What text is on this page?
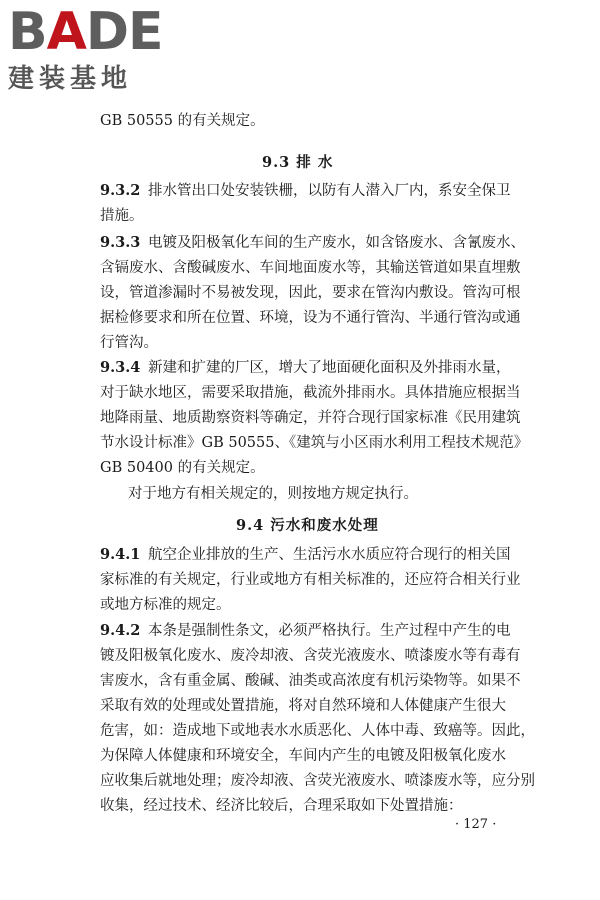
BADE
建装基地
GB 50555 的有关规定。
9.3 排 水
9.3.2 排水管出口处安装铁栅，以防有人潜入厂内，系安全保卫
措施。
9.3.3 电镀及阳极氧化车间的生产废水，如含铬废水、含氰废水、
含镉废水、含酸碱废水、车间地面废水等，其输送管道如果直埋敷
设，管道渗漏时不易被发现，因此，要求在管沟内敷设。管沟可根
据检修要求和所在位置、环境，设为不通行管沟、半通行管沟或通
行管沟。
9.3.4 新建和扩建的厂区，增大了地面硬化面积及外排雨水量，
对于缺水地区，需要采取措施，截流外排雨水。具体措施应根据当
地降雨量、地质勘察资料等确定，并符合现行国家标准《民用建筑
节水设计标准》GB 50555、《建筑与小区雨水利用工程技术规范》
GB 50400 的有关规定。
对于地方有相关规定的，则按地方规定执行。
9.4 污水和废水处理
9.4.1 航空企业排放的生产、生活污水水质应符合现行的相关国
家标准的有关规定，行业或地方有相关标准的，还应符合相关行业
或地方标准的规定。
9.4.2 本条是强制性条文，必须严格执行。生产过程中产生的电
镀及阳极氧化废水、废冷却液、含荧光液废水、喷漆废水等有毒有
害废水，含有重金属、酸碱、油类或高浓度有机污染物等。如果不
采取有效的处理或处置措施，将对自然环境和人体健康产生很大
危害，如：造成地下或地表水水质恶化、人体中毒、致癌等。因此，
为保障人体健康和环境安全，车间内产生的电镀及阳极氧化废水
应收集后就地处理；废冷却液、含荧光液废水、喷漆废水等，应分别
收集，经过技术、经济比较后，合理采取如下处置措施：
· 127 ·
